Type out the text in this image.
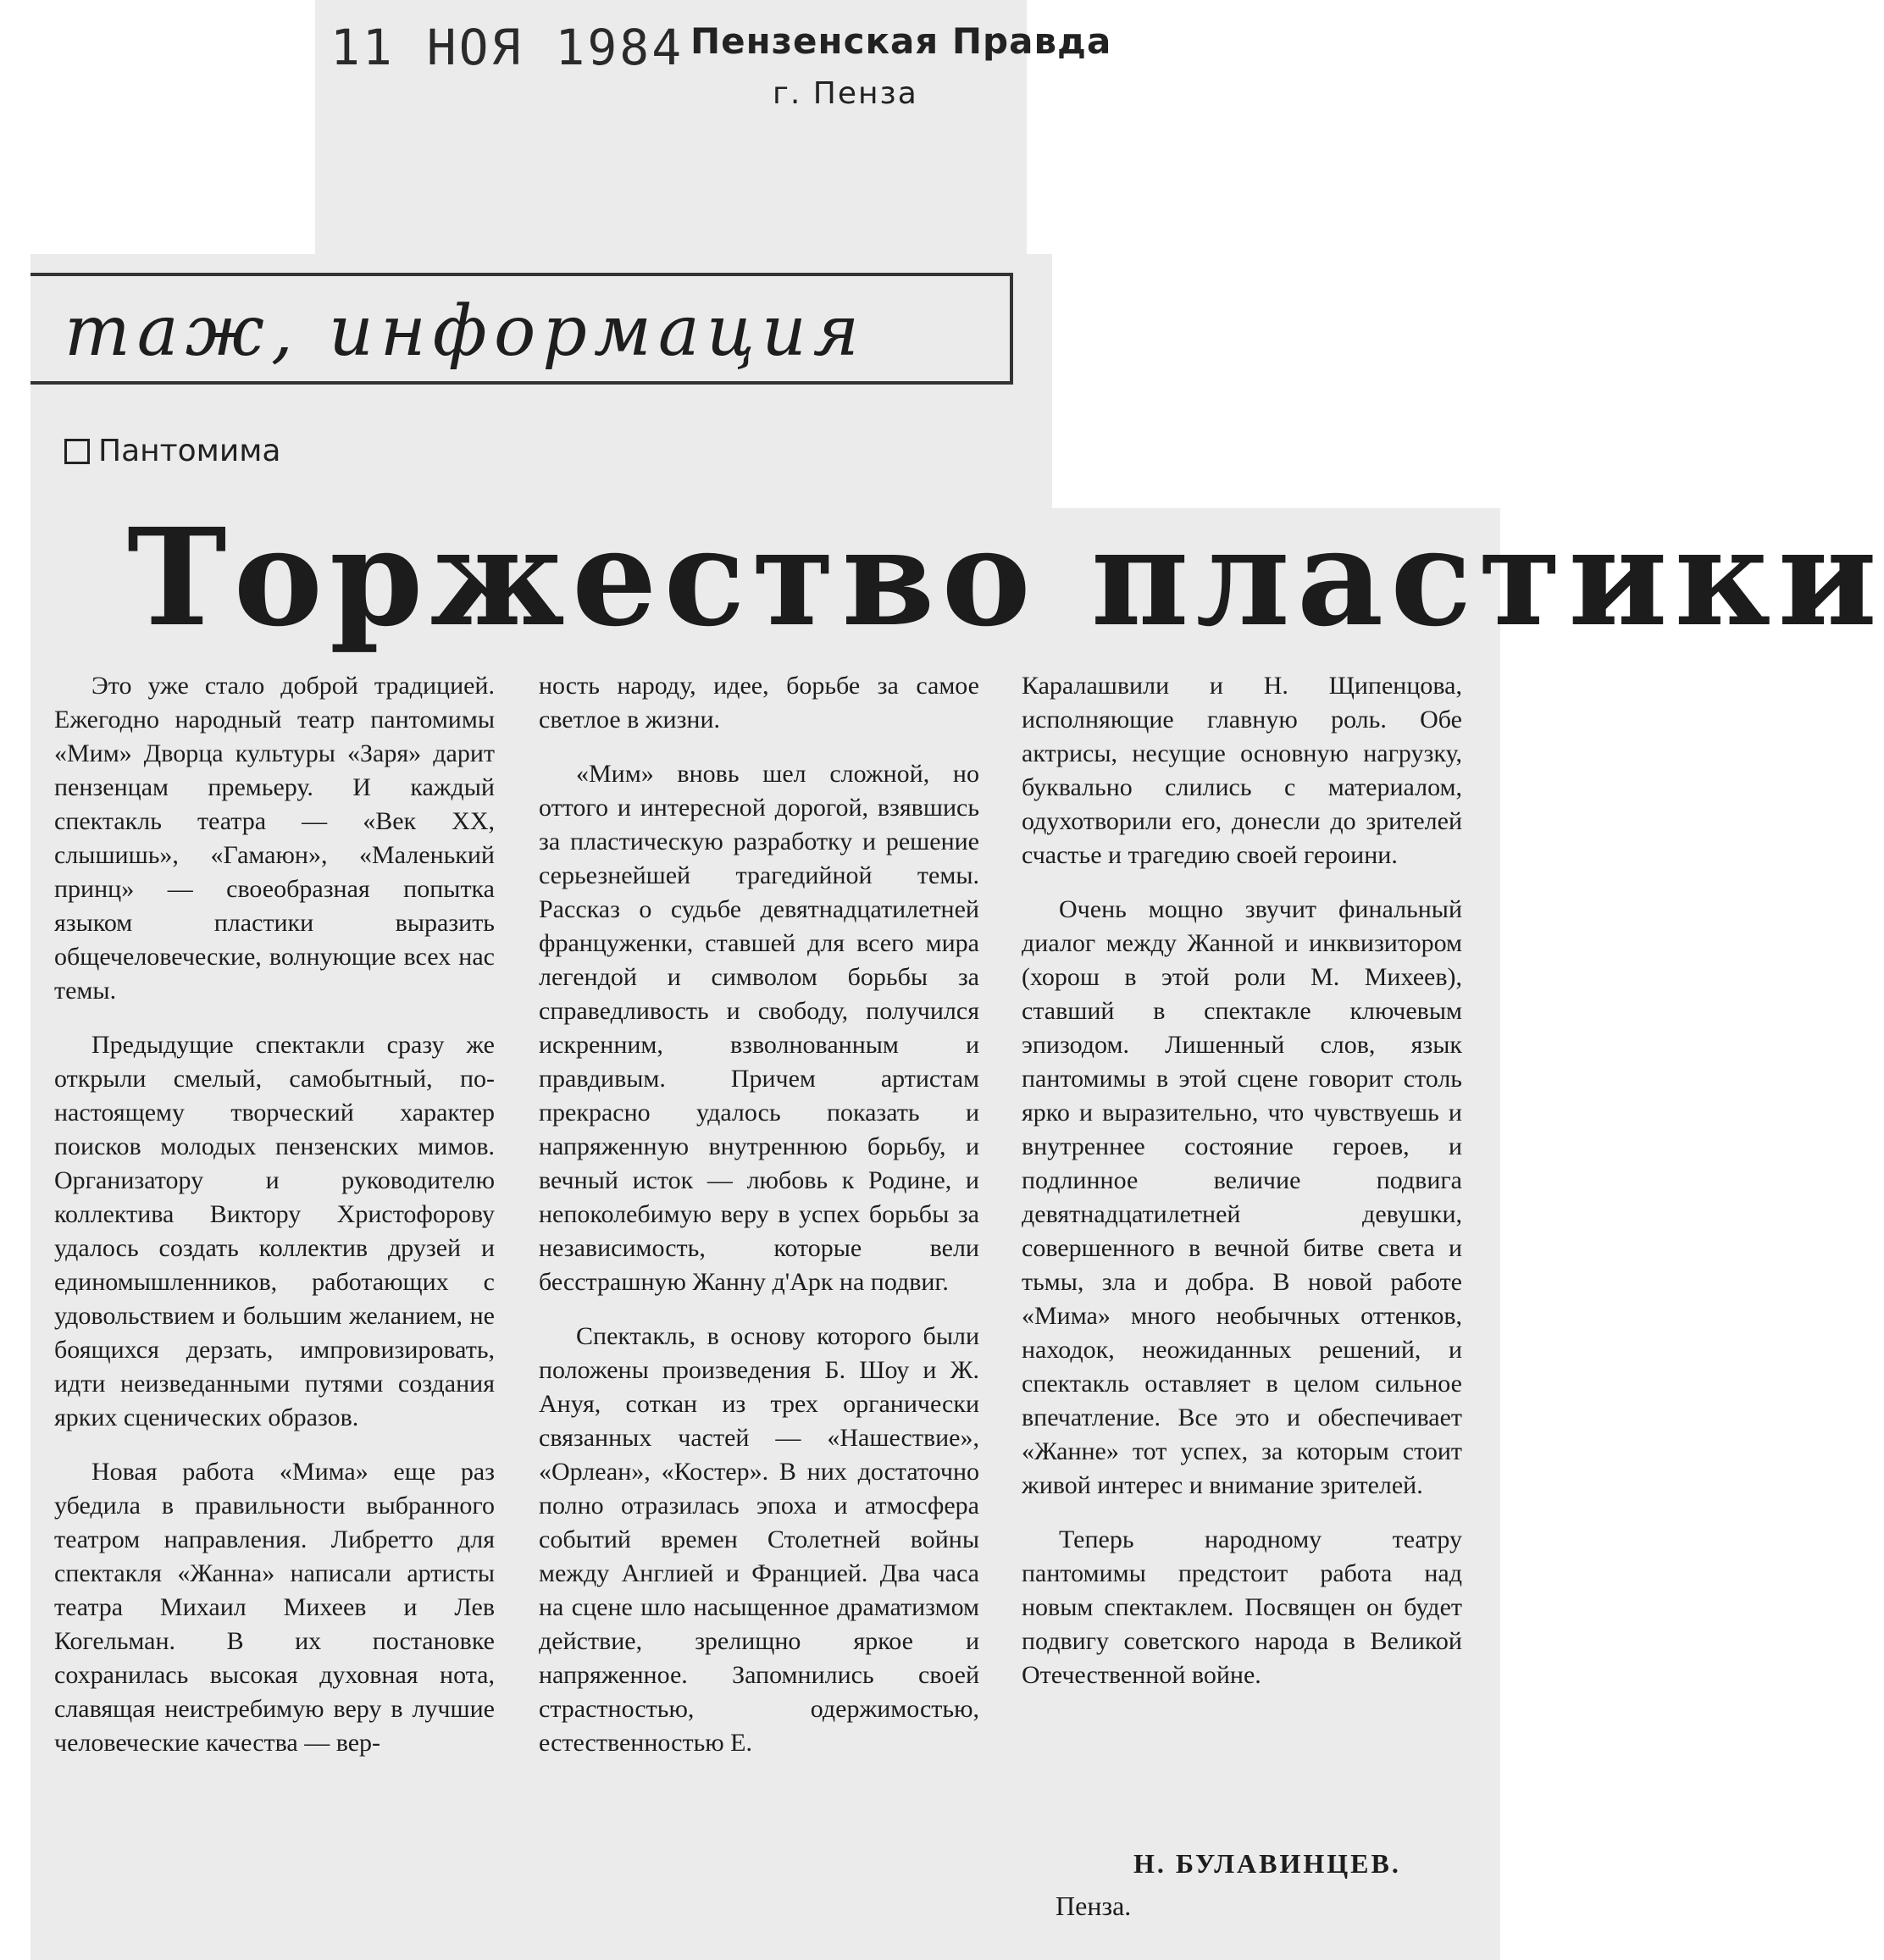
11 НОЯ 1984 Пензенская Правда
г. Пенза
таж, информация
Пантомима
Торжество пластики

Это уже стало доброй традицией. Ежегодно народный театр пантомимы «Мим» Дворца культуры «Заря» дарит пензенцам премьеру. И каждый спектакль театра — «Век XX, слышишь», «Гамаюн», «Маленький принц» — своеобразная попытка языком пластики выразить общечеловеческие, волнующие всех нас темы.

Предыдущие спектакли сразу же открыли смелый, самобытный, по-настоящему творческий характер поисков молодых пензенских мимов. Организатору и руководителю коллектива Виктору Христофорову удалось создать коллектив друзей и единомышленников, работающих с удовольствием и большим желанием, не боящихся дерзать, импровизировать, идти неизведанными путями создания ярких сценических образов.

Новая работа «Мима» еще раз убедила в правильности выбранного театром направления. Либретто для спектакля «Жанна» написали артисты театра Михаил Михеев и Лев Когельман. В их постановке сохранилась высокая духовная нота, славящая неистребимую веру в лучшие человеческие качества — вер-

ность народу, идее, борьбе за самое светлое в жизни.

«Мим» вновь шел сложной, но оттого и интересной дорогой, взявшись за пластическую разработку и решение серьезнейшей трагедийной темы. Рассказ о судьбе девятнадцатилетней француженки, ставшей для всего мира легендой и символом борьбы за справедливость и свободу, получился искренним, взволнованным и правдивым. Причем артистам прекрасно удалось показать и напряженную внутреннюю борьбу, и вечный исток — любовь к Родине, и непоколебимую веру в успех борьбы за независимость, которые вели бесстрашную Жанну д'Арк на подвиг.

Спектакль, в основу которого были положены произведения Б. Шоу и Ж. Ануя, соткан из трех органически связанных частей — «Нашествие», «Орлеан», «Костер». В них достаточно полно отразилась эпоха и атмосфера событий времен Столетней войны между Англией и Францией. Два часа на сцене шло насыщенное драматизмом действие, зрелищно яркое и напряженное. Запомнились своей страстностью, одержимостью, естественностью Е.

Каралашвили и Н. Щипенцова, исполняющие главную роль. Обе актрисы, несущие основную нагрузку, буквально слились с материалом, одухотворили его, донесли до зрителей счастье и трагедию своей героини.

Очень мощно звучит финальный диалог между Жанной и инквизитором (хорош в этой роли М. Михеев), ставший в спектакле ключевым эпизодом. Лишенный слов, язык пантомимы в этой сцене говорит столь ярко и выразительно, что чувствуешь и внутреннее состояние героев, и подлинное величие подвига девятнадцатилетней девушки, совершенного в вечной битве света и тьмы, зла и добра. В новой работе «Мима» много необычных оттенков, находок, неожиданных решений, и спектакль оставляет в целом сильное впечатление. Все это и обеспечивает «Жанне» тот успех, за которым стоит живой интерес и внимание зрителей.

Теперь народному театру пантомимы предстоит работа над новым спектаклем. Посвящен он будет подвигу советского народа в Великой Отечественной войне.

Н. БУЛАВИНЦЕВ.
Пенза.
